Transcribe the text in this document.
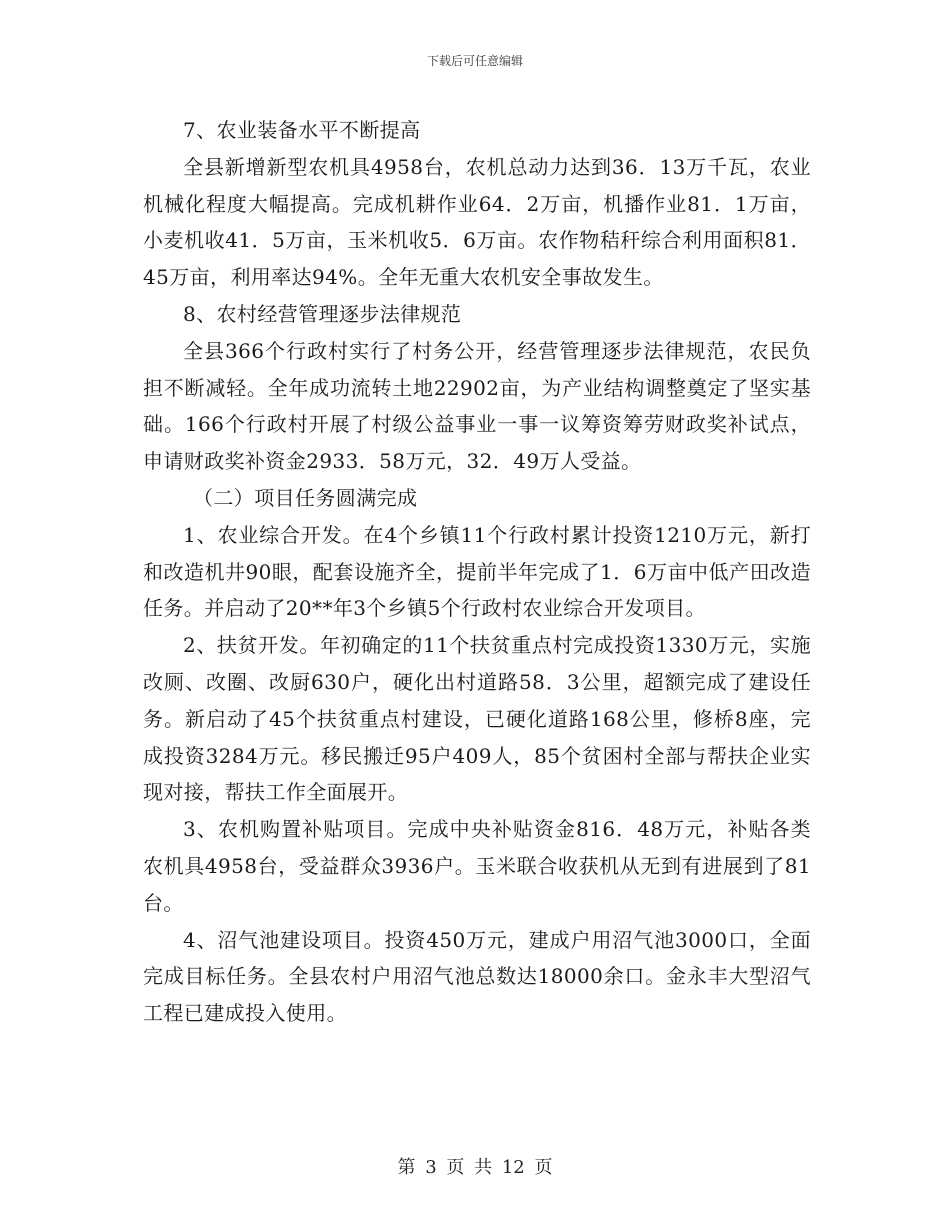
下载后可任意编辑

7、农业装备水平不断提高

全县新增新型农机具4958台，农机总动力达到36．13万千瓦，农业机械化程度大幅提高。完成机耕作业64．2万亩，机播作业81．1万亩，小麦机收41．5万亩，玉米机收5．6万亩。农作物秸秆综合利用面积81．45万亩，利用率达94%。全年无重大农机安全事故发生。

8、农村经营管理逐步法律规范

全县366个行政村实行了村务公开，经营管理逐步法律规范，农民负担不断减轻。全年成功流转土地22902亩，为产业结构调整奠定了坚实基础。166个行政村开展了村级公益事业一事一议筹资筹劳财政奖补试点，申请财政奖补资金2933．58万元，32．49万人受益。

（二）项目任务圆满完成

1、农业综合开发。在4个乡镇11个行政村累计投资1210万元，新打和改造机井90眼，配套设施齐全，提前半年完成了1．6万亩中低产田改造任务。并启动了20**年3个乡镇5个行政村农业综合开发项目。

2、扶贫开发。年初确定的11个扶贫重点村完成投资1330万元，实施改厕、改圈、改厨630户，硬化出村道路58．3公里，超额完成了建设任务。新启动了45个扶贫重点村建设，已硬化道路168公里，修桥8座，完成投资3284万元。移民搬迁95户409人，85个贫困村全部与帮扶企业实现对接，帮扶工作全面展开。

3、农机购置补贴项目。完成中央补贴资金816．48万元，补贴各类农机具4958台，受益群众3936户。玉米联合收获机从无到有进展到了81台。

4、沼气池建设项目。投资450万元，建成户用沼气池3000口，全面完成目标任务。全县农村户用沼气池总数达18000余口。金永丰大型沼气工程已建成投入使用。

第 3 页 共 12 页
